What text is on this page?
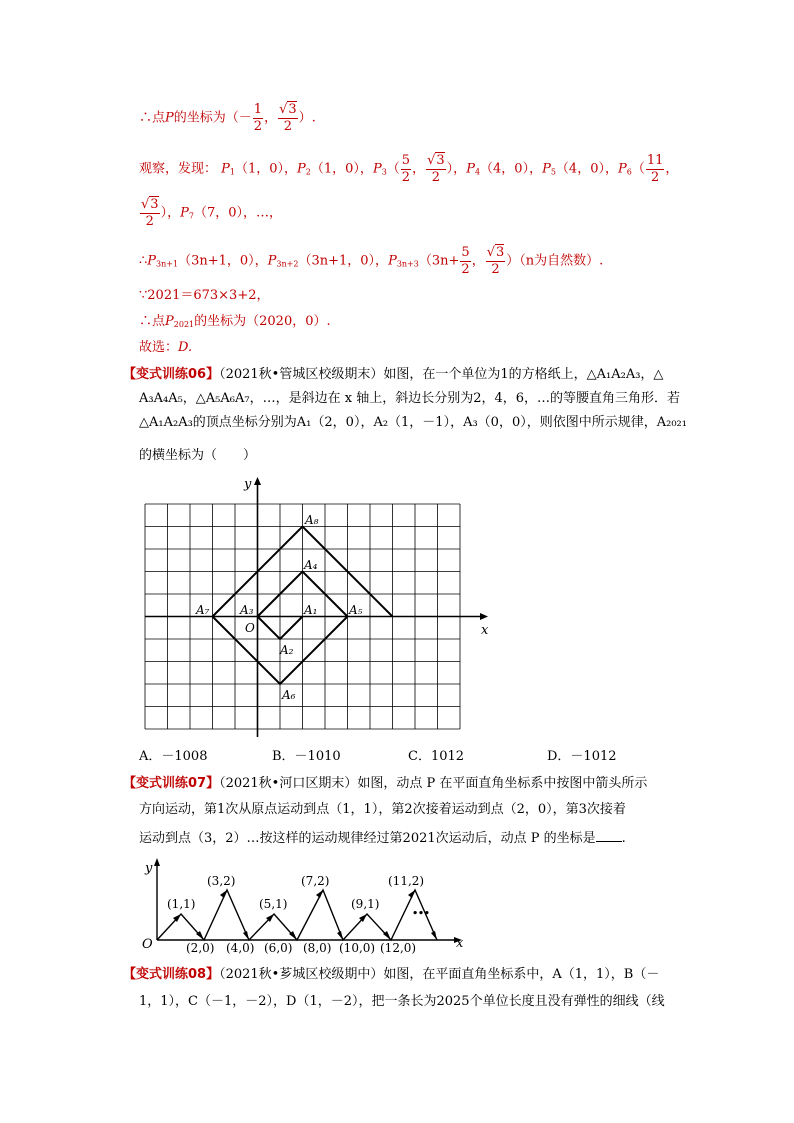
∴点P的坐标为（－ $\frac{1}{2}$ ， $\frac{√3}{2}$ ）.
观察，发现： $P_1(1$，0），$P_2(1$，0），$P_3( \frac{5}{2}$ ， $\frac{√3}{2}$ ），$P_4(4$，0），$P_5(4$，0），$P_6( \frac{11}{2}$ ，
$\frac{√3}{2}$ ），$P_7(7$，0），…，
$\therefore P_{3n+1}(3n+1$，0），$P_{3n+2}(3n+1$，0），$P_{3n+3}(3n+ \frac{5}{2}$ ， $\frac{√3}{2} )(n$为自然数）.
∵2021＝673×3+2，
∴点$P_{2021}$的坐标为（2020，0）.
故选：D.
【变式训练06】（2021秋•管城区校级期末）如图，在一个单位为1的方格纸上，△A₁A₂A₃，△
A₃A₄A₅，△A₅A₆A₇，…，是斜边在 x 轴上，斜边长分别为2，4，6，…的等腰直角三角形．若
△A₁A₂A₃的顶点坐标分别为A₁（2，0），A₂（1，－1），A₃（0，0），则依图中所示规律，A₂₀₂₁
的横坐标为（　　）
y
x
O
A₁
A₂
A₃
A₄
A₅
A₆
A₇
A₈
A．－1008	B．－1010	C．1012	D．－1012
【变式训练07】（2021秋•河口区期末）如图，动点 P 在平面直角坐标系中按图中箭头所示
方向运动，第1次从原点运动到点（1，1），第2次接着运动到点（2，0），第3次接着
运动到点（3，2）…按这样的运动规律经过第2021次运动后，动点 P 的坐标是 .
y
x
O
(1,1)
(3,2)
(5,1)
(7,2)
(9,1)
(11,2)
…
(2,0) (4,0) (6,0) (8,0) (10,0) (12,0)
【变式训练08】（2021秋•芗城区校级期中）如图，在平面直角坐标系中，A（1，1），B（－
1，1），C（－1，－2），D（1，－2），把一条长为2025个单位长度且没有弹性的细线（线
